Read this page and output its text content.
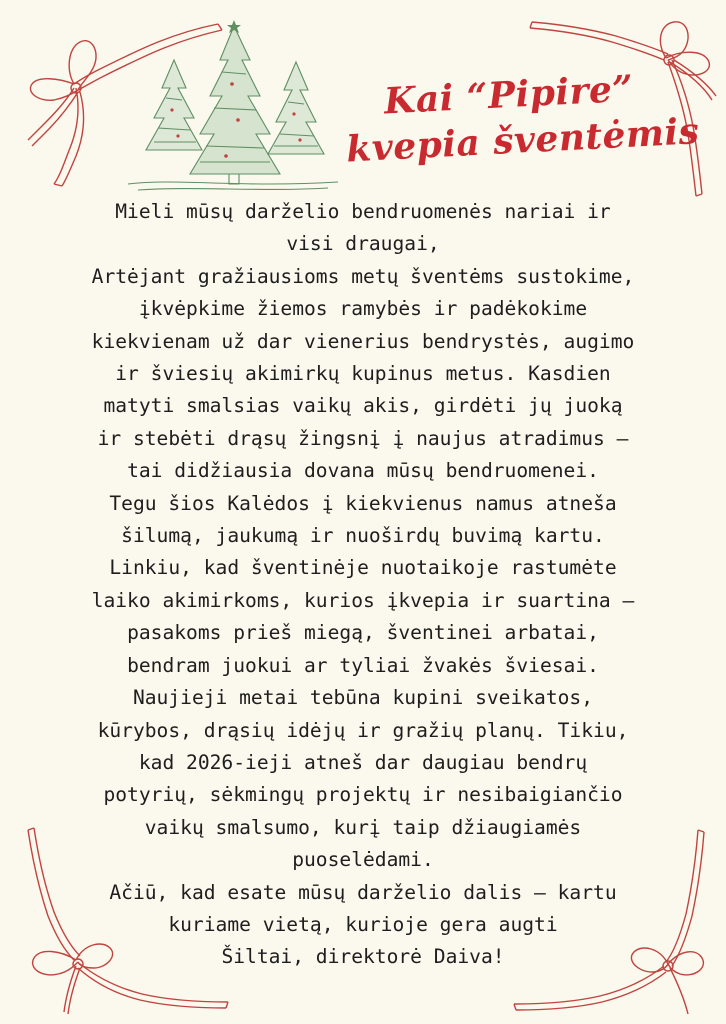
Kai “Pipire”
kvepia šventėmis
Mieli mūsų darželio bendruomenės nariai ir
visi draugai,
Artėjant gražiausioms metų šventėms sustokime,
įkvėpkime žiemos ramybės ir padėkokime
kiekvienam už dar vienerius bendrystės, augimo
ir šviesių akimirkų kupinus metus. Kasdien
matyti smalsias vaikų akis, girdėti jų juoką
ir stebėti drąsų žingsnį į naujus atradimus –
tai didžiausia dovana mūsų bendruomenei.
Tegu šios Kalėdos į kiekvienus namus atneša
šilumą, jaukumą ir nuoširdų buvimą kartu.
Linkiu, kad šventinėje nuotaikoje rastumėte
laiko akimirkoms, kurios įkvepia ir suartina –
pasakoms prieš miegą, šventinei arbatai,
bendram juokui ar tyliai žvakės šviesai.
Naujieji metai tebūna kupini sveikatos,
kūrybos, drąsių idėjų ir gražių planų. Tikiu,
kad 2026-ieji atneš dar daugiau bendrų
potyrių, sėkmingų projektų ir nesibaigiančio
vaikų smalsumo, kurį taip džiaugiamės
puoselėdami.
Ačiū, kad esate mūsų darželio dalis – kartu
kuriame vietą, kurioje gera augti
Šiltai, direktorė Daiva!
